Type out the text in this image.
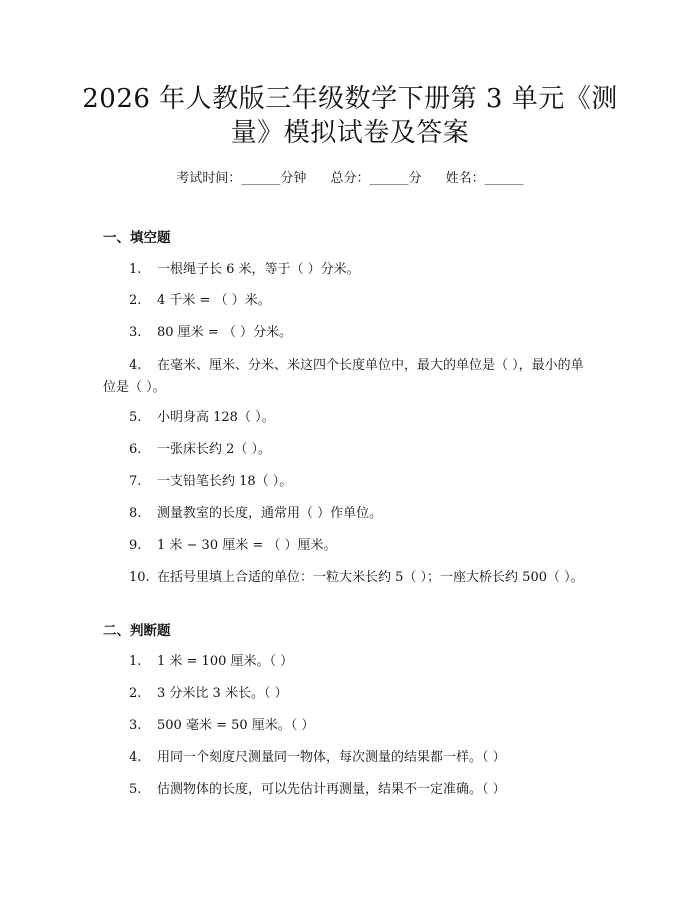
2026 年人教版三年级数学下册第 3 单元《测
量》模拟试卷及答案
考试时间：______分钟 总分：______分 姓名：______
一、填空题
1. 一根绳子长 6 米，等于（ ）分米。
2. 4 千米 = （ ）米。
3. 80 厘米 = （ ）分米。
4. 在毫米、厘米、分米、米这四个长度单位中，最大的单位是（ ），最小的单位是（ ）。
5. 小明身高 128（ ）。
6. 一张床长约 2（ ）。
7. 一支铅笔长约 18（ ）。
8. 测量教室的长度，通常用（ ）作单位。
9. 1 米 − 30 厘米 = （ ）厘米。
10. 在括号里填上合适的单位：一粒大米长约 5（ ）；一座大桥长约 500（ ）。
二、判断题
1. 1 米 = 100 厘米。（ ）
2. 3 分米比 3 米长。（ ）
3. 500 毫米 = 50 厘米。（ ）
4. 用同一个刻度尺测量同一物体，每次测量的结果都一样。（ ）
5. 估测物体的长度，可以先估计再测量，结果不一定准确。（ ）
